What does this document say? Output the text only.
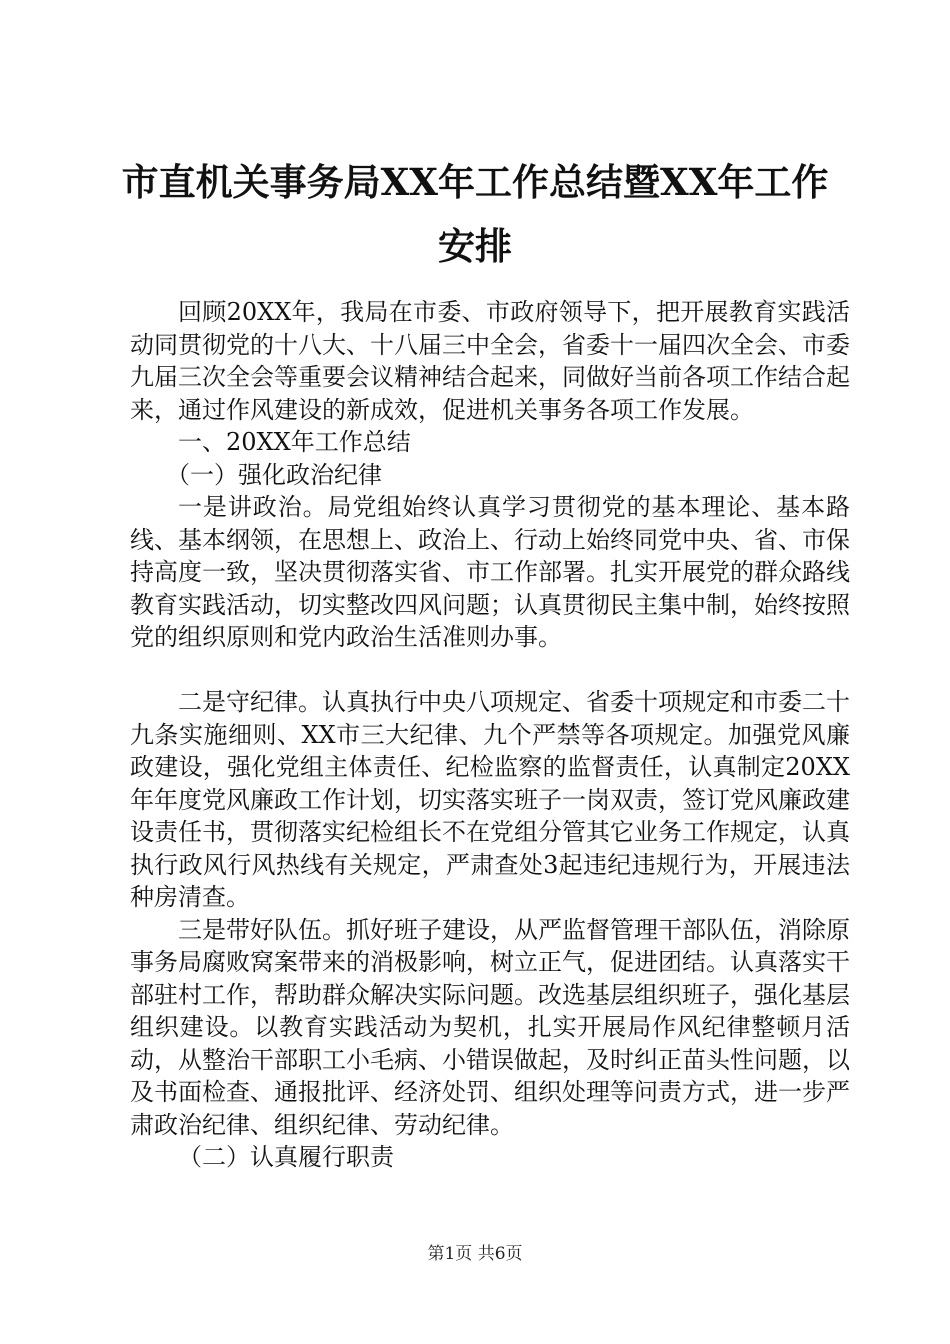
市直机关事务局XX年工作总结暨XX年工作安排

回顾20XX年，我局在市委、市政府领导下，把开展教育实践活动同贯彻党的十八大、十八届三中全会，省委十一届四次全会、市委九届三次全会等重要会议精神结合起来，同做好当前各项工作结合起来，通过作风建设的新成效，促进机关事务各项工作发展。

一、20XX年工作总结

（一）强化政治纪律

一是讲政治。局党组始终认真学习贯彻党的基本理论、基本路线、基本纲领，在思想上、政治上、行动上始终同党中央、省、市保持高度一致，坚决贯彻落实省、市工作部署。扎实开展党的群众路线教育实践活动，切实整改四风问题；认真贯彻民主集中制，始终按照党的组织原则和党内政治生活准则办事。

二是守纪律。认真执行中央八项规定、省委十项规定和市委二十九条实施细则、XX市三大纪律、九个严禁等各项规定。加强党风廉政建设，强化党组主体责任、纪检监察的监督责任，认真制定20XX年年度党风廉政工作计划，切实落实班子一岗双责，签订党风廉政建设责任书，贯彻落实纪检组长不在党组分管其它业务工作规定，认真执行政风行风热线有关规定，严肃查处3起违纪违规行为，开展违法种房清查。

三是带好队伍。抓好班子建设，从严监督管理干部队伍，消除原事务局腐败窝案带来的消极影响，树立正气，促进团结。认真落实干部驻村工作，帮助群众解决实际问题。改选基层组织班子，强化基层组织建设。以教育实践活动为契机，扎实开展局作风纪律整顿月活动，从整治干部职工小毛病、小错误做起，及时纠正苗头性问题，以及书面检查、通报批评、经济处罚、组织处理等问责方式，进一步严肃政治纪律、组织纪律、劳动纪律。

（二）认真履行职责

第1页 共6页
